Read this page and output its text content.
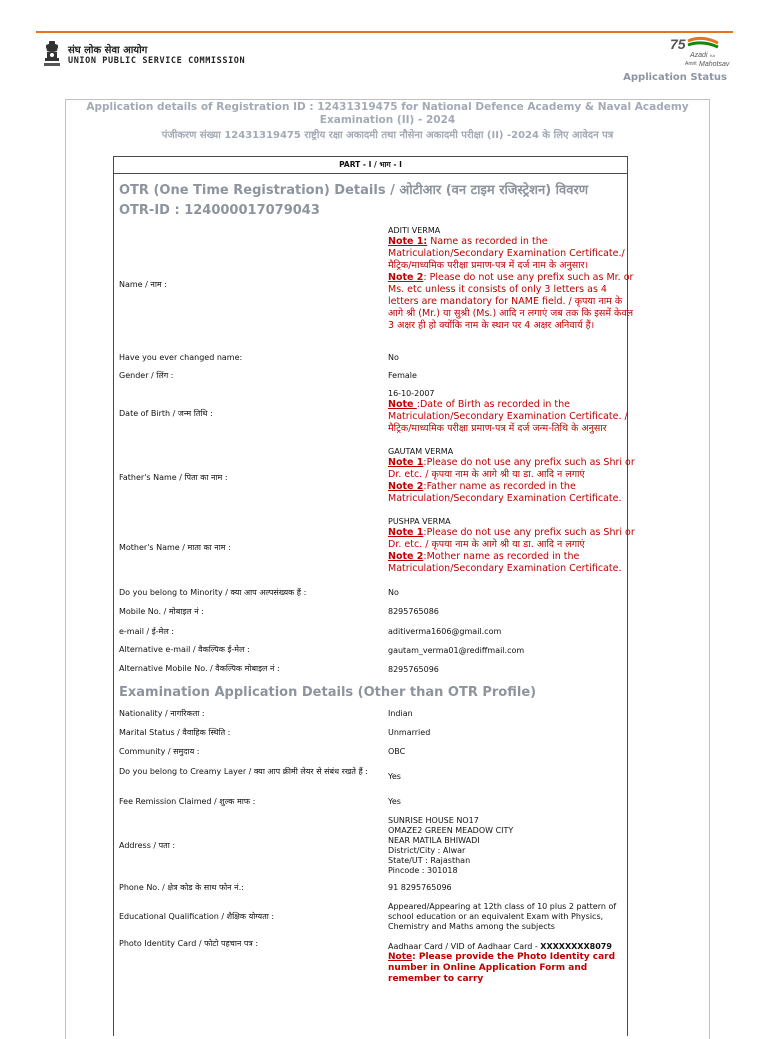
संघ लोक सेवा आयोग
UNION PUBLIC SERVICE COMMISSION
75
Azadi Ka
Amrit Mahotsav
Application Status
Application details of Registration ID : 12431319475 for National Defence Academy & Naval Academy Examination (II) - 2024
पंजीकरण संख्या 12431319475 राष्ट्रीय रक्षा अकादमी तथा नौसेना अकादमी परीक्षा (II) -2024 के लिए आवेदन पत्र
PART - I / भाग - I
OTR (One Time Registration) Details / ओटीआर (वन टाइम रजिस्ट्रेशन) विवरण
OTR-ID : 124000017079043
Name / नाम :
ADITI VERMA
Note 1: Name as recorded in the Matriculation/Secondary Examination Certificate./ मैट्रिक/माध्यमिक परीक्षा प्रमाण-पत्र में दर्ज नाम के अनुसार।
Note 2: Please do not use any prefix such as Mr. or Ms. etc unless it consists of only 3 letters as 4 letters are mandatory for NAME field. / कृपया नाम के आगे श्री (Mr.) या सुश्री (Ms.) आदि न लगाएं जब तक कि इसमें केवल 3 अक्षर ही हो क्योंकि नाम के स्थान पर 4 अक्षर अनिवार्य हैं।
Have you ever changed name:	No
Gender / लिंग :	Female
Date of Birth / जन्म तिथि :
16-10-2007
Note :Date of Birth as recorded in the Matriculation/Secondary Examination Certificate. / मैट्रिक/माध्यमिक परीक्षा प्रमाण-पत्र में दर्ज जन्म-तिथि के अनुसार
Father's Name / पिता का नाम :
GAUTAM VERMA
Note 1:Please do not use any prefix such as Shri or Dr. etc. / कृपया नाम के आगे श्री या डा. आदि न लगाएं
Note 2:Father name as recorded in the Matriculation/Secondary Examination Certificate.
Mother's Name / माता का नाम :
PUSHPA VERMA
Note 1:Please do not use any prefix such as Shri or Dr. etc. / कृपया नाम के आगे श्री या डा. आदि न लगाएं
Note 2:Mother name as recorded in the Matriculation/Secondary Examination Certificate.
Do you belong to Minority / क्या आप अल्पसंख्यक हैं :	No
Mobile No. / मोबाइल नं :	8295765086
e-mail / ई-मेल :	aditiverma1606@gmail.com
Alternative e-mail / वैकल्पिक ई-मेल :	gautam_verma01@rediffmail.com
Alternative Mobile No. / वैकल्पिक मोबाइल नं :	8295765096
Examination Application Details (Other than OTR Profile)
Nationality / नागरिकता :	Indian
Marital Status / वैवाहिक स्थिति :	Unmarried
Community / समुदाय :	OBC
Do you belong to Creamy Layer / क्या आप क्रीमी लेयर से संबंध रखते हैं :
Yes
Fee Remission Claimed / शुल्क माफ :	Yes
Address / पता :
SUNRISE HOUSE NO17
OMAZE2 GREEN MEADOW CITY
NEAR MATILA BHIWADI
District/City : Alwar
State/UT : Rajasthan
Pincode : 301018
Phone No. / क्षेत्र कोड के साथ फोन नं.:	91 8295765096
Educational Qualification / शैक्षिक योग्यता :
Appeared/Appearing at 12th class of 10 plus 2 pattern of school education or an equivalent Exam with Physics, Chemistry and Maths among the subjects
Photo Identity Card / फोटो पहचान पत्र :	Aadhaar Card / VID of Aadhaar Card - XXXXXXXX8079
Note: Please provide the Photo Identity card number in Online Application Form and remember to carry
